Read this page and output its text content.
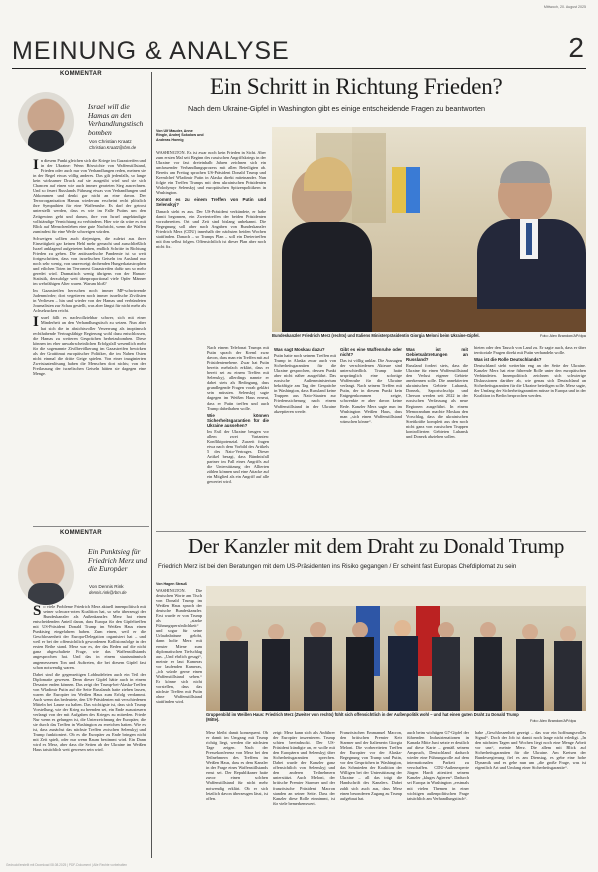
Mittwoch, 20. August 2025
MEINUNG & ANALYSE	2
KOMMENTAR
Israel will die Hamas an den Verhandlungstisch bomben
Von Christian Kraatz
Christian.Kraatz@rbm.de

In diesem Punkt gleichen sich die Kriege im Gazastreifen und in der Ukraine: Wenn Böswichte von Waffenstillstand, Frieden oder auch nur von Verhandlungen reden, meinen sie in der Regel etwas völlig anderes. Das gilt jedenfalls, so lange kein wirksamer Druck auf sie ausgeübt wird und sie sich Chancen auf einen wie auch immer gearteten Sieg ausrechnen. Und so feuert Russlands Führung etwas von Verhandlungen und Abkommen und denkt gar nicht an eine davon. Der Terrororganisation Hamas wiederum erscheint recht plötzlich ihre Sympathien für eine Waffenruhe. Es darf der getrost unterstellt werden, dass es wie im Falle Putins um den Zeitgewinn geht und darum, ihre von Israel angekündigte vollständige Vernichtung zu verhindern. Hier wie da wäre es mit Blick auf Menschenleben eine gute Nachricht, wenn die Waffen zumindest für eine Weile schweigen würden.

Schweigen sollten auch diejenigen, die zuletzt aus ihrer Einseitigkeit gar keinen Hehl mehr gemacht und ausschließlich Israel anklagend aufgetreten haben, endlich Schritte in Richtung Frieden zu gehen. Die antiisraelische Pandemie ist so weit fortgeschritten, dass von israelischen Geiseln im Ausland nur noch sehr wenig, von unzerweigt drohenden Hungerkatastrophen und etlichen Toten im Terrornest Gazastreifen dafür um so mehr geredet wird. Dramatisch wenig übrigens von der Hamas-Statistik, derzufolge weit überproportional viele Opfer Männer im wehrfähigen Alter waren. Warum bloß?

Im Gazastreifen herrschen noch immer MP-schwirrende Judenmörder; dort vegetieren noch immer israelische Zivilisten in Verliesen – hin und wieder von der Hamas und verbündeten Journalisten zur Schau gestellt, was aber längst für nicht mehr als Achselzucken reicht.

Israel fällt es nachvollziehbar schwer, sich mit einer Minderheit an den Verhandlungstisch zu setzen. Nun aber hat sich die in absichtsvoller Verzerrung als inoptimsch rechthabende Vertragsfähige Regierung wohl dazu entschlossen, die Hamas zu weiteren Gesprächen herbeizubomben. Diese können im eher unwahrscheinlichen Erfolgsfall wesentlich mehr für die sogenannte Zivilbevölkerung im Gazastreifen bewirken als der Grattitmut europäischer Politiker, die im Nahen Osten nicht einmal die dritte Geige spielen. Von einer imaginierten Zweistaatenlösung haben die Menschen dort nichts; von der Freilassung der israelischen Geiseln hätten sie dagegen eine Menge.

KOMMENTAR
Ein Punktsieg für Friedrich Merz und die Europäer
Von Dennis Rink
dennis.rink@rbm.de

So viele Probleme Friedrich Merz aktuell innenpolitisch mit seiner schwarz-roten Koalition hat, so sehr überzeugt der Bundeskanzler als Außenkanzler. Merz hat einen entscheidenden Anteil daran, dass Europa für den Gipfeltreffen mit US-Präsident Donald Trump im Weißen Haus einen Punktsieg eingefahren haben. Zum einen, weil er die Geschlossenheit der Europa-Delegation organisiert hat – und weil er bei der offensichtlich gewordenen Kollisionsfolge in der ersten Reihe stand. Merz war es, der das Reden auf die nicht ganz abgeschaltete Frage, wie das Waffenstillstands angesprochen hat. Und das in einem staatsmännisch angemessenen Ton und Auftreten, die bei diesem Gipfel fast schon notwendig waren.

Dabei sind die gegenseitigen Lobhudeleien auch ein Teil der Diplomatie gewesen. Denn dieser Gipfel hätte auch in einem Desaster enden können. Das zeigt der Trump-bei-Alaska-Treffen von Wladimir Putin auf die Seite Russlands hatte ziehen lassen, waren die Europäer im Weißen Haus zum Erfolg verdammt. Auch wenn das bedeutete, den US-Präsidenten mit verschiedenen Mitteln bei Laune zu halten. Das wichtigste ist, dass sich Trump Vorstellung, wie der Krieg zu beenden sei, ein Ende zuzusteuern verlangt von der mit Aufgaben des Krieges zu mitreden. Friede Nur wenn es gelungen ist, die Unterzeichnung der Europäer, die sie durch das Treffen in Washington zu erreichen hatten. Wie es ist, dass zunächst das nächste Treffen zwischen Selenskyj und Trump funktioniert. Ob es die Europäer zu Ende bringen nicht mit Zeit spielt, oder nur wenn Raum bestimmt wird. Ein Dann wird es Merz, aber dass die Seiten ab der Ukraine im Weißen Haus tatsächlich weit gewesen sein wird.

Ein Schritt in Richtung Frieden?
Nach dem Ukraine-Gipfel in Washington gibt es einige entscheidende Fragen zu beantworten
Von Ulf Mauder, Anne Ringle, Andrej Sokolow und Andreas Hoenig
Bundeskanzler Friedrich Merz (rechts) und Italiens Ministerpräsidentin Giorgia Meloni beim Ukraine-Gipfel.	Foto: Alex Brandon/AP/dpa

WASHINGTON. Es ist zwar noch kein Frieden in Sicht. Aber zum ersten Mal seit Beginn des russischen Angriffskriegs in der Ukraine vor fast dreieinhalb Jahren zeichnen sich ein umfassender Verhandlungsprozess mit allen Beteiligten ab. Bereits am Freitag sprachen US-Präsident Donald Trump und Kremlchef Wladimir Putin in Alaska direkt miteinander. Nun folgte ein Treffen Trumps mit dem ukrainischen Präsidenten Wolodymyr Selenskyj und europäischen Spitzenpolitikern in Washington.

Kommt es zu einem Treffen von Putin und Selenskyj?

Danach sieht es aus. Der US-Präsident verkündete, er habe damit begonnen, ein Zweiertreffen der beiden Präsidenten vorzubereiten. Ort und Zeit sind bislang unbekannt. Die Begegnung soll aber nach Angaben von Bundeskanzler Friedrich Merz (CDU) innerhalb der nächsten beiden Wochen stattfinden. Danach – so Trumps Plan – soll ein Dreiertreffen mit ihm selbst folgen. Offensichtlich ist dieser Plan aber noch nicht fix.

Nach einem Telefonat Trumps mit Putin sprach der Kreml zwar davon, dass man ein Treffen mit auf Präsidentenebene. Zwar hat Putin bereits mehrfach erklärt, dass er bereit sei zu einem Treffen mit Selenskyj, allerdings nannte er dabei stets als Bedingung, dass grundlegende Fragen vorab geklärt sein müssten. Selenskyj sagte dagegen im Weißen Haus erneut, dass er Putin treffen und auch Trump dabeihaben wolle.

Wie können Sicherheitsgarantien für die Ukraine aussehen?

Im Exil der Ukraine beugen vor allem zwei Varianten: Konfliktpotenzial. Zurzeit fragen etwa nach dem Vorbild des Artikels 5 des Nato-Vertrages. Dieser Artikel besagt, dass Bündnisfall partner im Fall eines Angriffs auf die Unterstützung der Allierten zählen können und eine Attacke auf ein Mitglied als ein Angriff auf alle gewertet wird.

Was sagt Moskau dazu?

Putin hatte noch seinem Treffen mit Trump in Alaska zwar auch von Sicherheitsgarantien für die Ukraine gesprochen, dessen Punkt aber nicht näher ausgeführt. Das russische Außenministerium bekräftigte am Tag der Gespräche in Washington, dass Russland keine Truppen aus Nato-Staaten zur Friedenssicherung nach einem Waffenstillstand in der Ukraine akzeptieren werde.

Gibt es eine Waffenruhe oder nicht?

Das ist völlig unklar. Die Aussagen der verschiedenen Akteure sind unterschiedlich. Trump hatte ursprünglich eine sofortige Waffenruhe für die Ukraine verlangt. Nach seinem Treffen mit Putin, der in diesem Punkt kein Entgegenkommen zeigte, schwenkte er aber davon keine Rede. Kanzler Merz sagte nun im Washington Weißen Haus, dass man „sich einen Waffenstillstand wünschen könne“.

Was ist mit Gebietsabtretungen an Russland?

Russland fordert stets, dass die Ukraine für einen Waffenstillstand den Verlust eigener Gebiete anerkennen solle. Die annektierten ukrainischen Gebiete Luhansk, Donezk, Saporischschja und Cherson werden seit 2022 in der russischen Verfassung als neue Regionen ausgeführt. In einem Memorandum machte Moskau den Vorschlag, dass die ukrainischen Streitkräfte komplett aus den noch nicht ganz von russischen Truppen kontrollierten Gebieten Luhansk und Donezk abziehen sollen.

bieten oder den Tausch von Land zu. Er sagte auch, dass er über territoriale Fragen direkt mit Putin verhandeln wolle.

Was ist die Rolle Deutschlands?

Deutschland steht weiterhin eng an der Seite der Ukraine. Kanzler Merz hat eine führende Rolle unter den europäischen Verbündeten. Innenpolitisch zeichnen sich schwierige Diskussionen darüber ab, wie genau sich Deutschland an Sicherheitsgarantien für die Ukraine beteiligen solle. Merz sagte, der Umfang der Sicherheitsgarantien müsse in Europa und in der Koalition in Berlin besprochen werden.

Der Kanzler mit dem Draht zu Donald Trump
Friedrich Merz ist bei den Beratungen mit dem US-Präsidenten ins Risiko gegangen / Er scheint fast Europas Chefdiplomat zu sein
Von Hagen Strauß
Gruppenbild im Weißen Haus: Friedrich Merz (Zweiter von rechts) fühlt sich offensichtlich in der Außenpolitik wohl – und hat einen guten Draht zu Donald Trump (Mitte).	Foto: Alex Brandon/AP/dpa

WASHINGTON. Die deutschen Worte am Tisch von Donald Trump im Weißen Haus sprach der deutsche Bundeskanzler. Erst wurde er von Trump als „starke Führungspersönlichkeit“ und sogar für seine Urlaubsbräune gelobt, dann holte Merz mit ernster Miene zum diplomatischen Tiefschlag aus. „Und ehrlich gesagt“, meinte er laut Kameras vor laufenden Kameras, „ich würde gerne einen Waffenstillstand sehen.“ Er könne sich nicht vorstellen, dass das nächste Treffen mit Putin ohne Waffenstillstand stattfinden wird.

Merz bleibt damit konsequent. Ob er damit im Umgang mit Trump richtig liegt, werden die nächsten Tage zeigen. Nach der Pressekonferenz von Merz bei den Teilnehmern des Treffens im Weißen Haus, dass es dem Kanzler in der Frage eines Waffenstillstands ernst sei. Der Republikaner hatte zuvor einen solchen Waffenstillstand für nicht mehr notwendig erklärt. Ob er sich letztlich davon überzeugen lässt, ist offen.

zeigt: Merz kann sich als Anführer der Europäer inszenieren. Trump schien beeindruckt. Der US-Präsident kündigte an, er wolle mit den Europäern und Selenskyj über Sicherheitsgarantien sprechen. Dabei wurde der Kanzler ganz offensichtlich von Selenskyj und den anderen Teilnehmern unterstützt. Auch Meloni, der britische Premier Starmer und der französische Präsident Macron standen an seiner Seite. Dass der Kanzler diese Rolle einnimmt, ist für viele bemerkenswert.

Französischen Emmanuel Macron, den britischen Premier Keir Starmer und der Italienerin Giorgia Meloni. Die vorbereiteten Treffen der Europäer vor der Alaska-Begegnung von Trump und Putin, vor den Gesprächen in Washington, das Schmieden der Koalition der Willigen bei der Unterstützung der Ukraine – all das trägt die Handschrift des Kanzlers. Dabei zahlt sich auch aus, dass Merz einen besonderen Zugang zu Trump aufgebaut hat.

auch beim wichtigen G7-Gipfel der führenden Industrienationen in Kanada Mitte Juni setzte er deutlich auf diese Karte – gemäß seinem Anspruch, Deutschland dadurch wieder eine Führungsrolle auf dem internationalen Parkett zu verschaffen. CDU-Außenexperte Jürgen Hardt attestiert seinem Kanzler „kluges Agieren“. Dadurch sei Europa in Washington „erstmals mit vielen Themen in einer wichtigen außenpolitischen Frage tatsächlich am Verhandlungstisch“.

habe „Geschlossenheit gezeigt – das war ein hoffnungsvolles Signal“. Doch der Job ist damit noch lange nicht erledigt. „In den nächsten Tagen und Wochen liegt noch eine Menge Arbeit vor uns“, meinte Merz. Die allem mit Blick auf Sicherheitsgarantien für die Ukraine. Am Kreisen der Bundesregierung fiel es am Dienstag, es gebe eine hohe Dynamik und es gehe nun um „die große Frage, was ist eigentlich Art und Umfang einer Sicherheitsgarantie“.

Gedruckt/erstellt mit Download 08.08.2025 | PDF-Dokument | Alle Rechte vorbehalten
